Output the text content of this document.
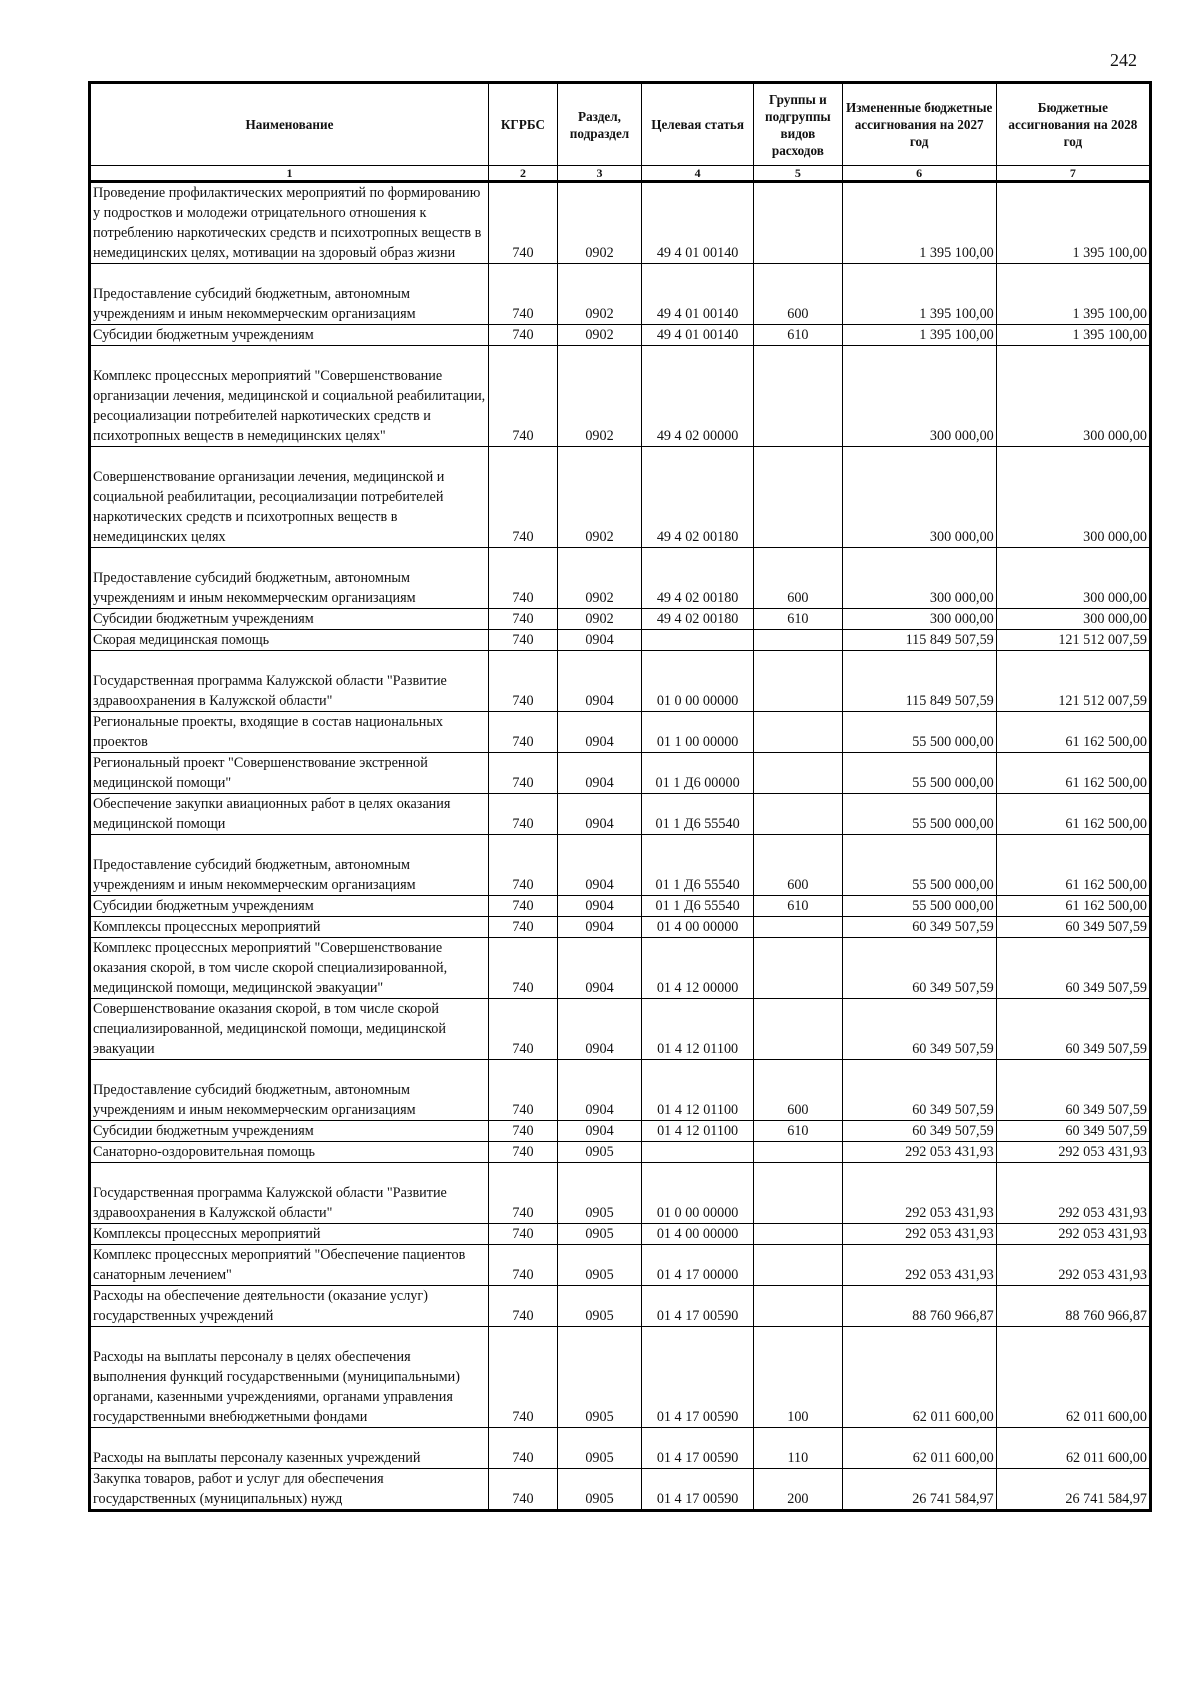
242
Наименование	КГРБС	Раздел, подраздел	Целевая статья	Группы и подгруппы видов расходов	Измененные бюджетные ассигнования на 2027 год	Бюджетные ассигнования на 2028 год
1	2	3	4	5	6	7
Проведение профилактических мероприятий по формированию у подростков и молодежи отрицательного отношения к потреблению наркотических средств и психотропных веществ в немедицинских целях, мотивации на здоровый образ жизни	740	0902	49 4 01 00140		1 395 100,00	1 395 100,00
Предоставление субсидий бюджетным, автономным учреждениям и иным некоммерческим организациям	740	0902	49 4 01 00140	600	1 395 100,00	1 395 100,00
Субсидии бюджетным учреждениям	740	0902	49 4 01 00140	610	1 395 100,00	1 395 100,00
Комплекс процессных мероприятий "Совершенствование организации лечения, медицинской и социальной реабилитации, ресоциализации потребителей наркотических средств и психотропных веществ в немедицинских целях"	740	0902	49 4 02 00000		300 000,00	300 000,00
Совершенствование организации лечения, медицинской и социальной реабилитации, ресоциализации потребителей наркотических средств и психотропных веществ в немедицинских целях	740	0902	49 4 02 00180		300 000,00	300 000,00
Предоставление субсидий бюджетным, автономным учреждениям и иным некоммерческим организациям	740	0902	49 4 02 00180	600	300 000,00	300 000,00
Субсидии бюджетным учреждениям	740	0902	49 4 02 00180	610	300 000,00	300 000,00
Скорая медицинская помощь	740	0904			115 849 507,59	121 512 007,59
Государственная программа Калужской области "Развитие здравоохранения в Калужской области"	740	0904	01 0 00 00000		115 849 507,59	121 512 007,59
Региональные проекты, входящие в состав национальных проектов	740	0904	01 1 00 00000		55 500 000,00	61 162 500,00
Региональный проект "Совершенствование экстренной медицинской помощи"	740	0904	01 1 Д6 00000		55 500 000,00	61 162 500,00
Обеспечение закупки авиационных работ в целях оказания медицинской помощи	740	0904	01 1 Д6 55540		55 500 000,00	61 162 500,00
Предоставление субсидий бюджетным, автономным учреждениям и иным некоммерческим организациям	740	0904	01 1 Д6 55540	600	55 500 000,00	61 162 500,00
Субсидии бюджетным учреждениям	740	0904	01 1 Д6 55540	610	55 500 000,00	61 162 500,00
Комплексы процессных мероприятий	740	0904	01 4 00 00000		60 349 507,59	60 349 507,59
Комплекс процессных мероприятий "Совершенствование оказания скорой, в том числе скорой специализированной, медицинской помощи, медицинской эвакуации"	740	0904	01 4 12 00000		60 349 507,59	60 349 507,59
Совершенствование оказания скорой, в том числе скорой специализированной, медицинской помощи, медицинской эвакуации	740	0904	01 4 12 01100		60 349 507,59	60 349 507,59
Предоставление субсидий бюджетным, автономным учреждениям и иным некоммерческим организациям	740	0904	01 4 12 01100	600	60 349 507,59	60 349 507,59
Субсидии бюджетным учреждениям	740	0904	01 4 12 01100	610	60 349 507,59	60 349 507,59
Санаторно-оздоровительная помощь	740	0905			292 053 431,93	292 053 431,93
Государственная программа Калужской области "Развитие здравоохранения в Калужской области"	740	0905	01 0 00 00000		292 053 431,93	292 053 431,93
Комплексы процессных мероприятий	740	0905	01 4 00 00000		292 053 431,93	292 053 431,93
Комплекс процессных мероприятий "Обеспечение пациентов санаторным лечением"	740	0905	01 4 17 00000		292 053 431,93	292 053 431,93
Расходы на обеспечение деятельности (оказание услуг) государственных учреждений	740	0905	01 4 17 00590		88 760 966,87	88 760 966,87
Расходы на выплаты персоналу в целях обеспечения выполнения функций государственными (муниципальными) органами, казенными учреждениями, органами управления государственными внебюджетными фондами	740	0905	01 4 17 00590	100	62 011 600,00	62 011 600,00
Расходы на выплаты персоналу казенных учреждений	740	0905	01 4 17 00590	110	62 011 600,00	62 011 600,00
Закупка товаров, работ и услуг для обеспечения государственных (муниципальных) нужд	740	0905	01 4 17 00590	200	26 741 584,97	26 741 584,97
